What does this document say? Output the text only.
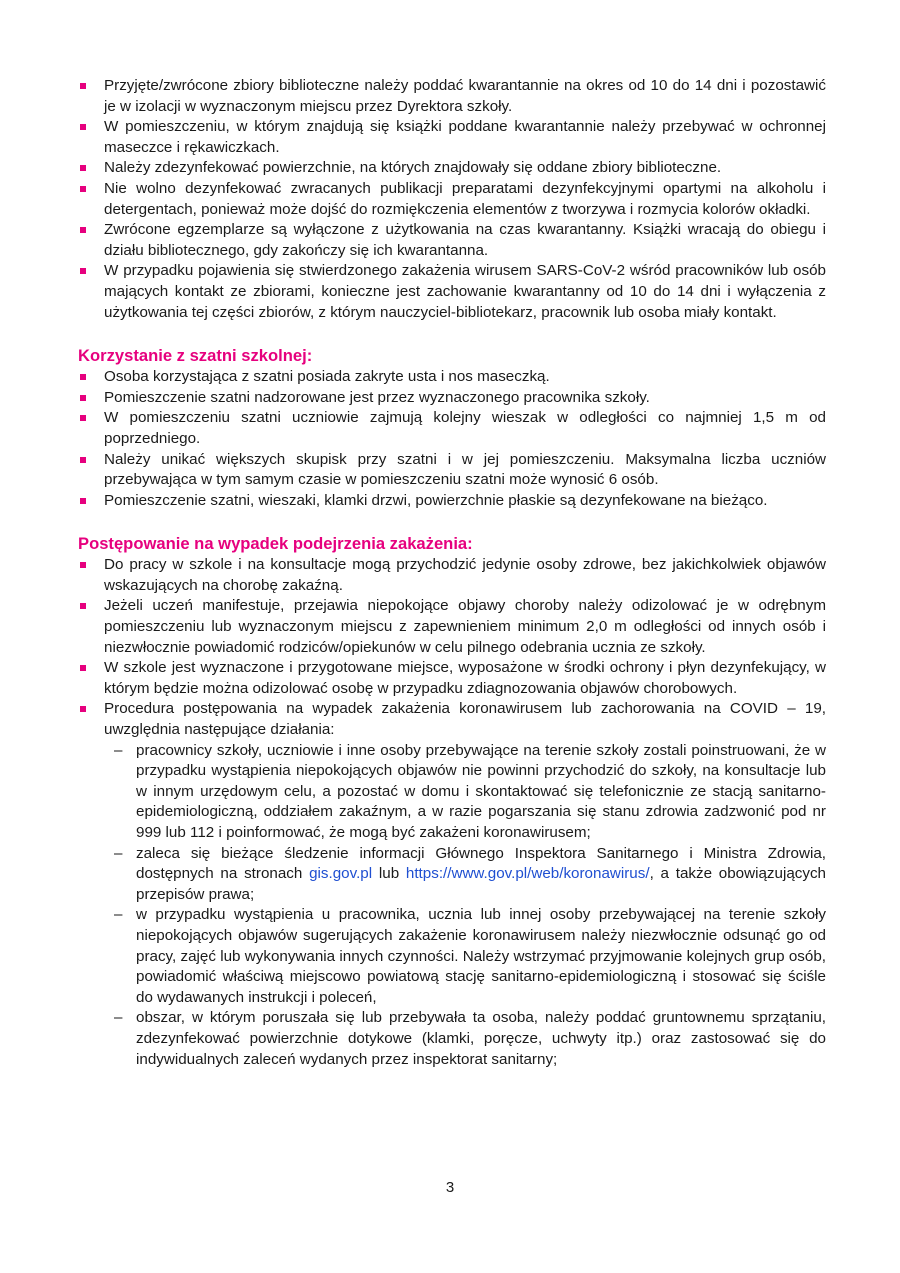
Przyjęte/zwrócone zbiory biblioteczne należy poddać kwarantannie na okres od 10 do 14 dni i pozostawić je w izolacji w wyznaczonym miejscu przez Dyrektora szkoły.
W pomieszczeniu, w którym znajdują się książki poddane kwarantannie należy przebywać w ochronnej maseczce i rękawiczkach.
Należy zdezynfekować powierzchnie, na których znajdowały się oddane zbiory biblioteczne.
Nie wolno dezynfekować zwracanych publikacji preparatami dezynfekcyjnymi opartymi na alkoholu i detergentach, ponieważ może dojść do rozmiękczenia elementów z tworzywa i rozmycia kolorów okładki.
Zwrócone egzemplarze są wyłączone z użytkowania na czas kwarantanny. Książki wracają do obiegu i działu bibliotecznego, gdy zakończy się ich kwarantanna.
W przypadku pojawienia się stwierdzonego zakażenia wirusem SARS-CoV-2 wśród pracowników lub osób mających kontakt ze zbiorami, konieczne jest zachowanie kwarantanny od 10 do 14 dni i wyłączenia z użytkowania tej części zbiorów, z którym nauczyciel-bibliotekarz, pracownik lub osoba miały kontakt.
Korzystanie z szatni szkolnej:
Osoba korzystająca z szatni posiada zakryte usta i nos maseczką.
Pomieszczenie szatni nadzorowane jest przez wyznaczonego pracownika szkoły.
W pomieszczeniu szatni uczniowie zajmują kolejny wieszak w odległości co najmniej 1,5 m od poprzedniego.
Należy unikać większych skupisk przy szatni i w jej pomieszczeniu. Maksymalna liczba uczniów przebywająca w tym samym czasie w pomieszczeniu szatni może wynosić 6 osób.
Pomieszczenie szatni, wieszaki, klamki drzwi, powierzchnie płaskie są dezynfekowane na bieżąco.
Postępowanie na wypadek podejrzenia zakażenia:
Do pracy w szkole i na konsultacje mogą przychodzić jedynie osoby zdrowe, bez jakichkolwiek objawów wskazujących na chorobę zakaźną.
Jeżeli uczeń manifestuje, przejawia niepokojące objawy choroby należy odizolować je w odrębnym pomieszczeniu lub wyznaczonym miejscu z zapewnieniem minimum 2,0 m odległości od innych osób i niezwłocznie powiadomić rodziców/opiekunów w celu pilnego odebrania ucznia ze szkoły.
W szkole jest wyznaczone i przygotowane miejsce, wyposażone w środki ochrony i płyn dezynfekujący, w którym będzie można odizolować osobę w przypadku zdiagnozowania objawów chorobowych.
Procedura postępowania na wypadek zakażenia koronawirusem lub zachorowania na COVID – 19, uwzględnia następujące działania:
– pracownicy szkoły, uczniowie i inne osoby przebywające na terenie szkoły zostali poinstruowani, że w przypadku wystąpienia niepokojących objawów nie powinni przychodzić do szkoły, na konsultacje lub w innym urzędowym celu, a pozostać w domu i skontaktować się telefonicznie ze stacją sanitarno-epidemiologiczną, oddziałem zakaźnym, a w razie pogarszania się stanu zdrowia zadzwonić pod nr 999 lub 112 i poinformować, że mogą być zakażeni koronawirusem;
– zaleca się bieżące śledzenie informacji Głównego Inspektora Sanitarnego i Ministra Zdrowia, dostępnych na stronach gis.gov.pl lub https://www.gov.pl/web/koronawirus/, a także obowiązujących przepisów prawa;
– w przypadku wystąpienia u pracownika, ucznia lub innej osoby przebywającej na terenie szkoły niepokojących objawów sugerujących zakażenie koronawirusem należy niezwłocznie odsunąć go od pracy, zajęć lub wykonywania innych czynności. Należy wstrzymać przyjmowanie kolejnych grup osób, powiadomić właściwą miejscowo powiatową stację sanitarno-epidemiologiczną i stosować się ściśle do wydawanych instrukcji i poleceń,
– obszar, w którym poruszała się lub przebywała ta osoba, należy poddać gruntownemu sprzątaniu, zdezynfekować powierzchnie dotykowe (klamki, poręcze, uchwyty itp.) oraz zastosować się do indywidualnych zaleceń wydanych przez inspektorat sanitarny;
3
